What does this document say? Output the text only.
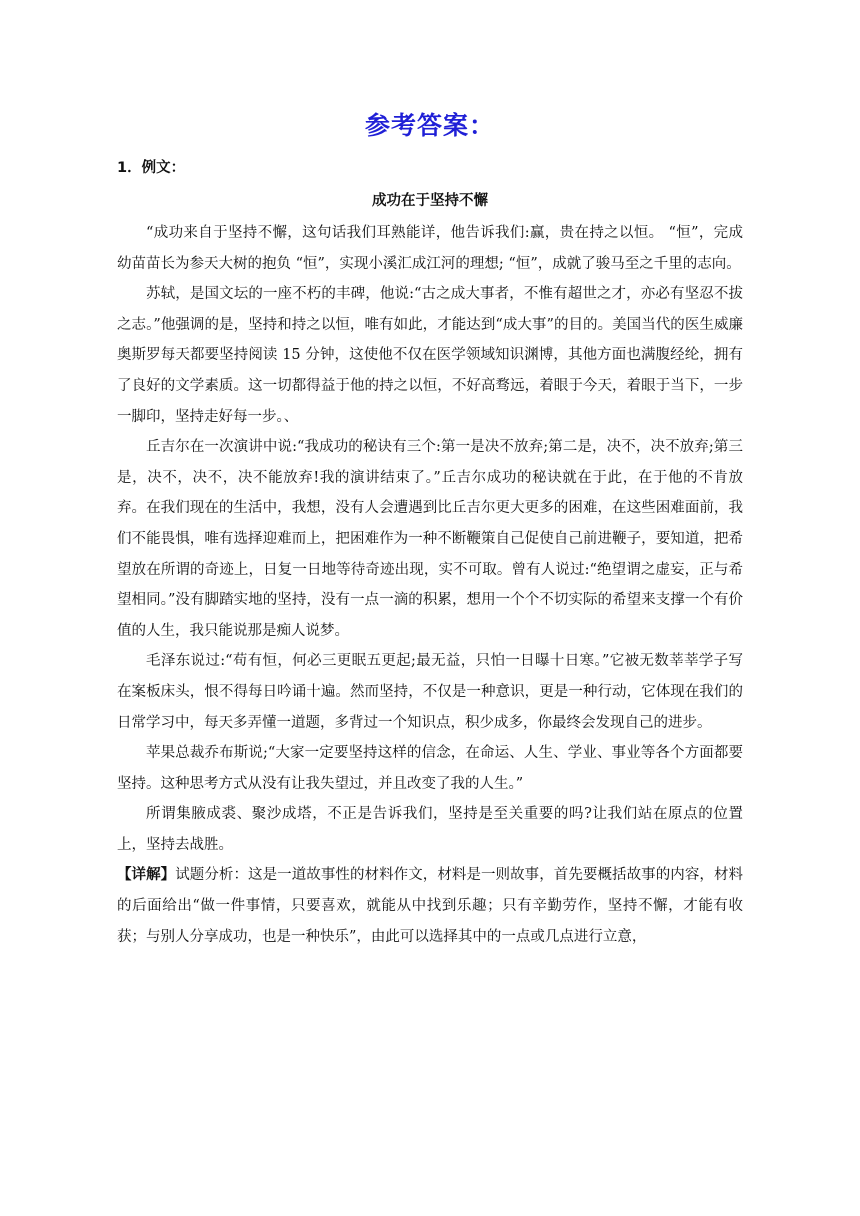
参考答案：
1．例文：
成功在于坚持不懈

“成功来自于坚持不懈，这句话我们耳熟能详，他告诉我们:赢，贵在持之以恒。 “恒”，完成幼苗苗长为参天大树的抱负 “恒”，实现小溪汇成江河的理想; “恒”，成就了骏马至之千里的志向。

苏轼，是国文坛的一座不朽的丰碑，他说:“古之成大事者，不惟有超世之才，亦必有坚忍不拔之志。”他强调的是，坚持和持之以恒，唯有如此，才能达到“成大事”的目的。美国当代的医生威廉奥斯罗每天都要坚持阅读 15 分钟，这使他不仅在医学领域知识渊博，其他方面也满腹经纶，拥有了良好的文学素质。这一切都得益于他的持之以恒，不好高骛远，着眼于今天，着眼于当下，一步一脚印，坚持走好每一步。、

丘吉尔在一次演讲中说:“我成功的秘诀有三个:第一是决不放弃;第二是，决不，决不放弃;第三是，决不，决不，决不能放弃!我的演讲结束了。”丘吉尔成功的秘诀就在于此，在于他的不肯放弃。在我们现在的生活中，我想，没有人会遭遇到比丘吉尔更大更多的困难，在这些困难面前，我们不能畏惧，唯有选择迎难而上，把困难作为一种不断鞭策自己促使自己前进鞭子，要知道，把希望放在所谓的奇迹上，日复一日地等待奇迹出现，实不可取。曾有人说过:“绝望谓之虚妄，正与希望相同。”没有脚踏实地的坚持，没有一点一滴的积累，想用一个个不切实际的希望来支撑一个有价值的人生，我只能说那是痴人说梦。

毛泽东说过:“苟有恒，何必三更眠五更起;最无益，只怕一日曝十日寒。”它被无数莘莘学子写在案板床头，恨不得每日吟诵十遍。然而坚持，不仅是一种意识，更是一种行动，它体现在我们的日常学习中，每天多弄懂一道题，多背过一个知识点，积少成多，你最终会发现自己的进步。

苹果总裁乔布斯说;“大家一定要坚持这样的信念，在命运、人生、学业、事业等各个方面都要坚持。这种思考方式从没有让我失望过，并且改变了我的人生。”

所谓集腋成裘、聚沙成塔，不正是告诉我们，坚持是至关重要的吗?让我们站在原点的位置上，坚持去战胜。

【详解】试题分析：这是一道故事性的材料作文，材料是一则故事，首先要概括故事的内容，材料的后面给出“做一件事情，只要喜欢，就能从中找到乐趣；只有辛勤劳作，坚持不懈，才能有收获；与别人分享成功，也是一种快乐”，由此可以选择其中的一点或几点进行立意，
